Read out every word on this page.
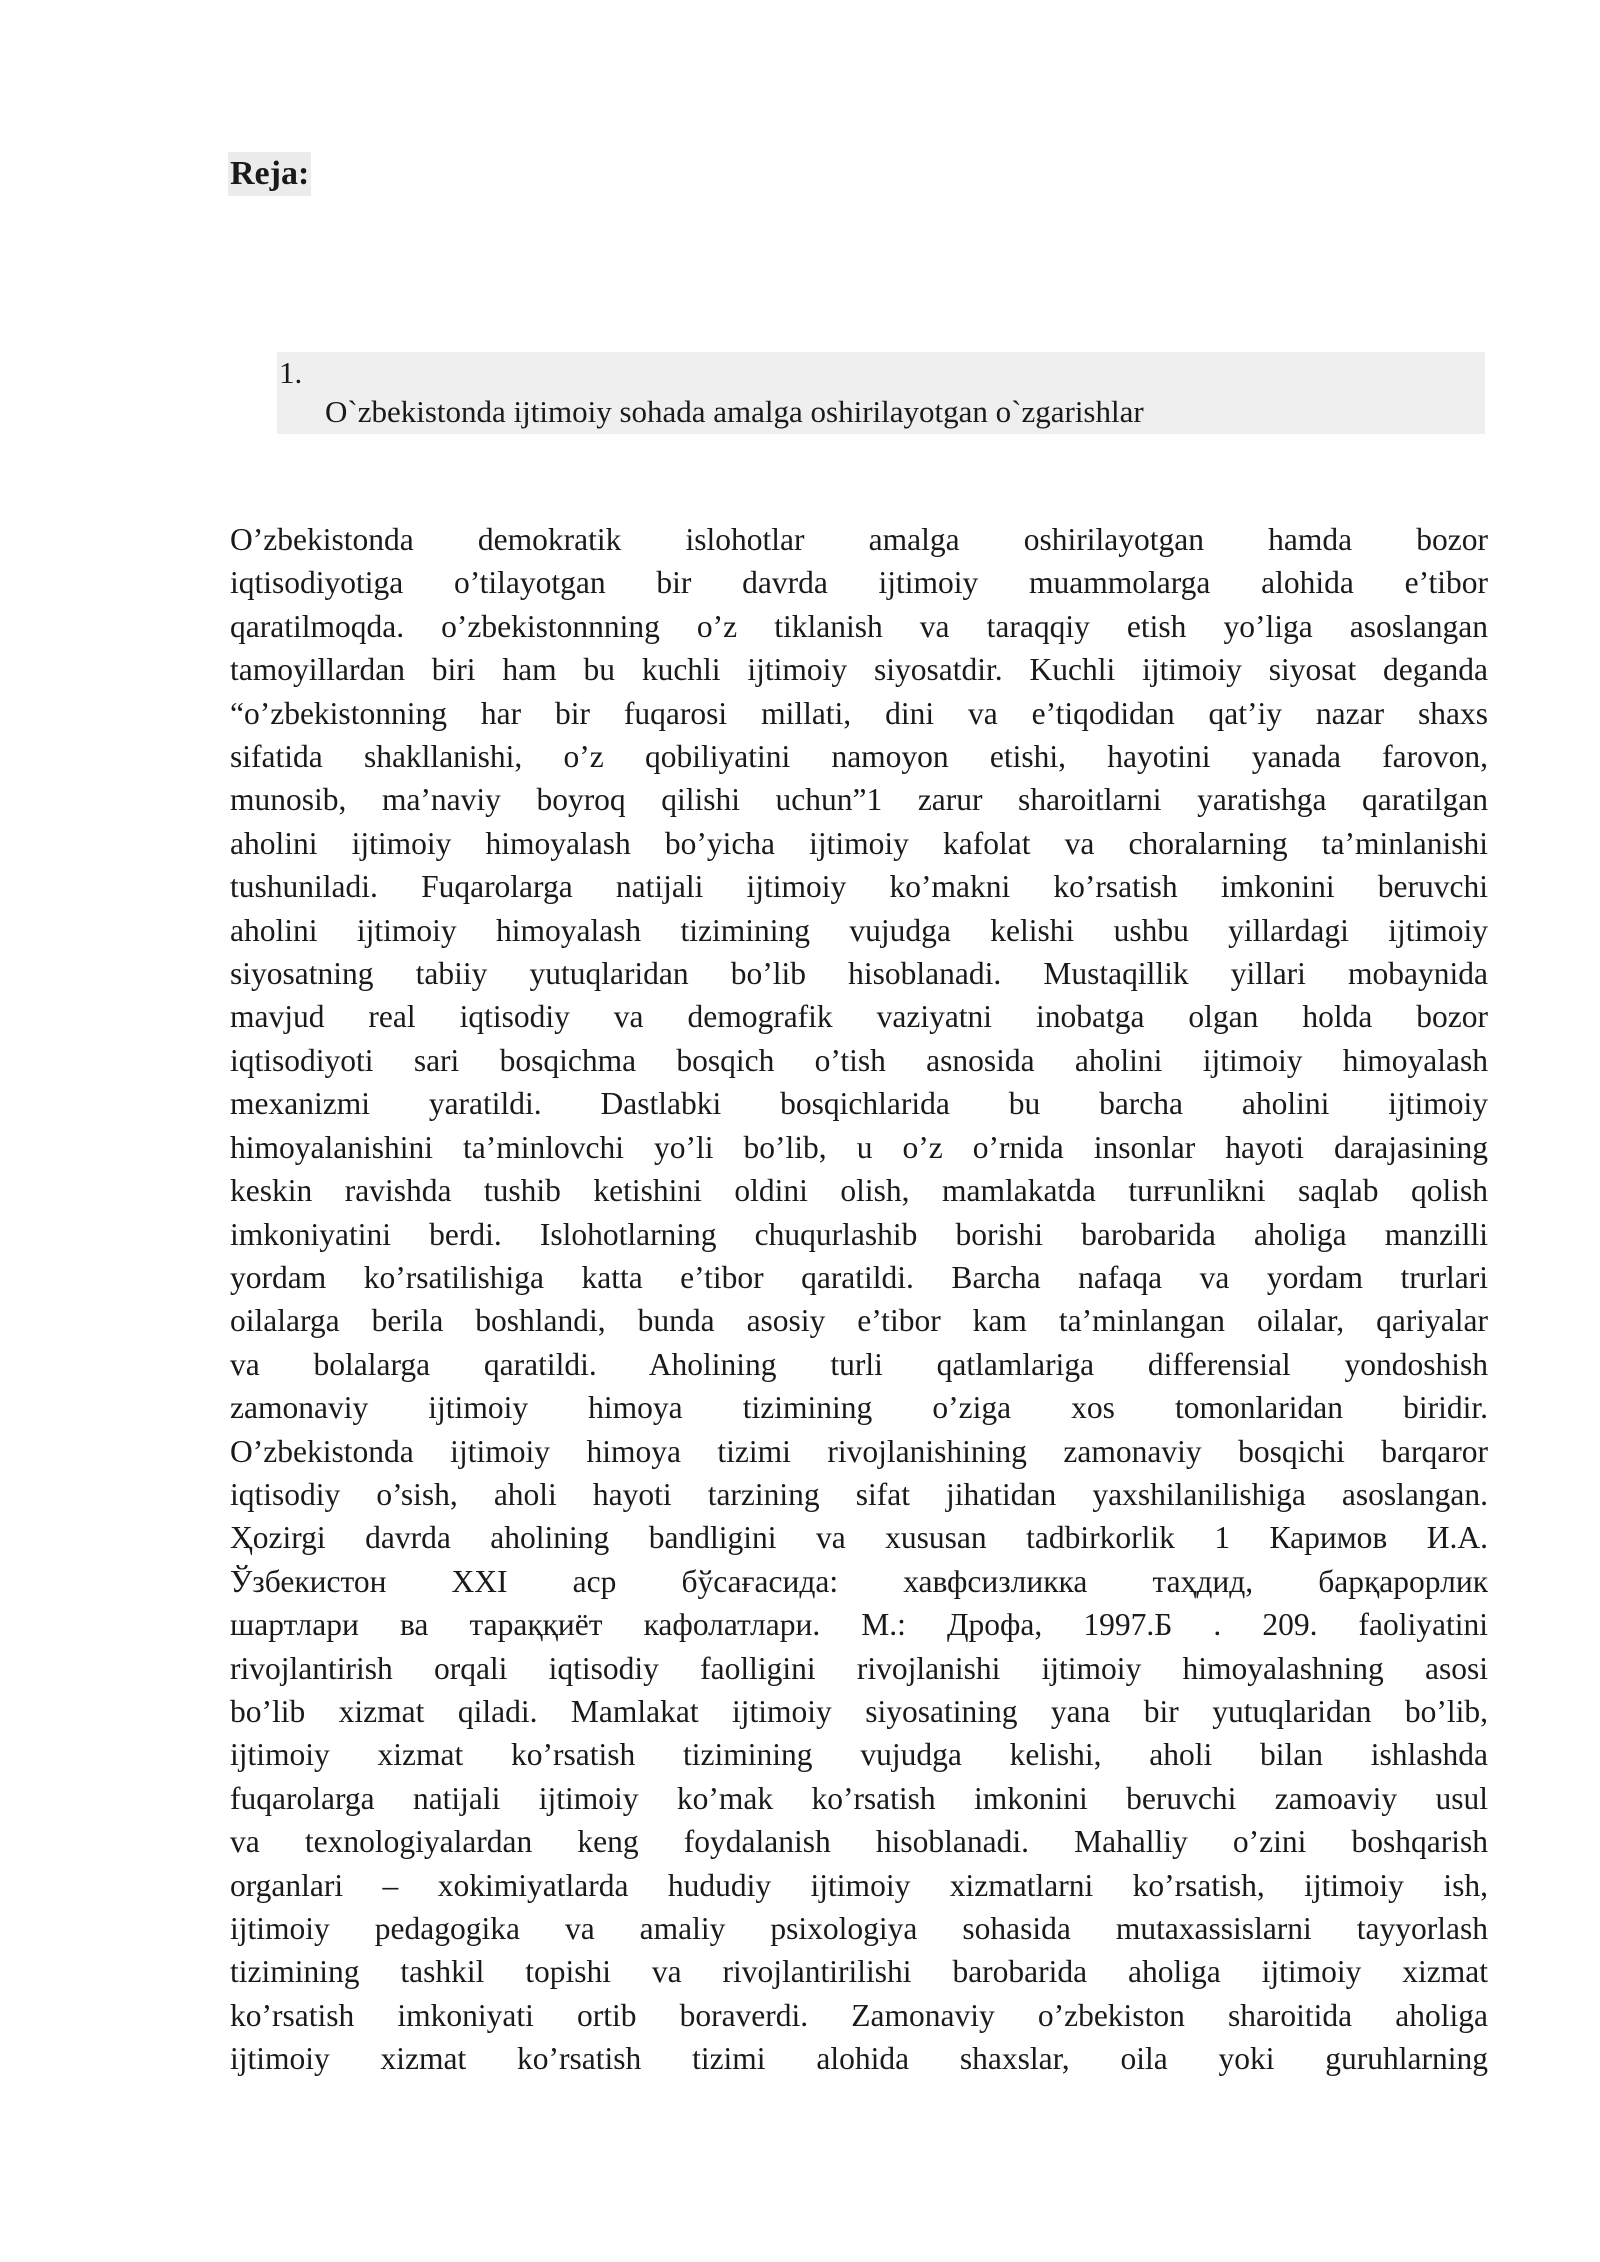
Reja:
1.
O`zbekistonda ijtimoiy sohada amalga oshirilayotgan o`zgarishlar
O’zbekistonda demokratik islohotlar amalga oshirilayotgan hamda bozor
iqtisodiyotiga o’tilayotgan bir davrda ijtimoiy muammolarga alohida e’tibor
qaratilmoqda. o’zbekistonnning o’z tiklanish va taraqqiy etish yo’liga asoslangan
tamoyillardan biri ham bu kuchli ijtimoiy siyosatdir. Kuchli ijtimoiy siyosat deganda
“o’zbekistonning har bir fuqarosi millati, dini va e’tiqodidan qat’iy nazar shaxs
sifatida shakllanishi, o’z qobiliyatini namoyon etishi, hayotini yanada farovon,
munosib, ma’naviy boyroq qilishi uchun”1 zarur sharoitlarni yaratishga qaratilgan
aholini ijtimoiy himoyalash bo’yicha ijtimoiy kafolat va choralarning ta’minlanishi
tushuniladi. Fuqarolarga natijali ijtimoiy ko’makni ko’rsatish imkonini beruvchi
aholini ijtimoiy himoyalash tizimining vujudga kelishi ushbu yillardagi ijtimoiy
siyosatning tabiiy yutuqlaridan bo’lib hisoblanadi. Mustaqillik yillari mobaynida
mavjud real iqtisodiy va demografik vaziyatni inobatga olgan holda bozor
iqtisodiyoti sari bosqichma bosqich o’tish asnosida aholini ijtimoiy himoyalash
mexanizmi yaratildi. Dastlabki bosqichlarida bu barcha aholini ijtimoiy
himoyalanishini ta’minlovchi yo’li bo’lib, u o’z o’rnida insonlar hayoti darajasining
keskin ravishda tushib ketishini oldini olish, mamlakatda turғunlikni saqlab qolish
imkoniyatini berdi. Islohotlarning chuqurlashib borishi barobarida aholiga manzilli
yordam ko’rsatilishiga katta e’tibor qaratildi. Barcha nafaqa va yordam trurlari
oilalarga berila boshlandi, bunda asosiy e’tibor kam ta’minlangan oilalar, qariyalar
va bolalarga qaratildi. Aholining turli qatlamlariga differensial yondoshish
zamonaviy ijtimoiy himoya tizimining o’ziga xos tomonlaridan biridir.
O’zbekistonda ijtimoiy himoya tizimi rivojlanishining zamonaviy bosqichi barqaror
iqtisodiy o’sish, aholi hayoti tarzining sifat jihatidan yaxshilanilishiga asoslangan.
Ҳozirgi davrda aholining bandligini va xususan tadbirkorlik 1 Каримов И.А.
Ўзбекистон XXI аср бўсағасида: хавфсизликка таҳдид, барқарорлик
шартлари ва тараққиёт кафолатлари. М.: Дрофа, 1997.Б . 209. faoliyatini
rivojlantirish orqali iqtisodiy faolligini rivojlanishi ijtimoiy himoyalashning asosi
bo’lib xizmat qiladi. Mamlakat ijtimoiy siyosatining yana bir yutuqlaridan bo’lib,
ijtimoiy xizmat ko’rsatish tizimining vujudga kelishi, aholi bilan ishlashda
fuqarolarga natijali ijtimoiy ko’mak ko’rsatish imkonini beruvchi zamoaviy usul
va texnologiyalardan keng foydalanish hisoblanadi. Mahalliy o’zini boshqarish
organlari – xokimiyatlarda hududiy ijtimoiy xizmatlarni ko’rsatish, ijtimoiy ish,
ijtimoiy pedagogika va amaliy psixologiya sohasida mutaxassislarni tayyorlash
tizimining tashkil topishi va rivojlantirilishi barobarida aholiga ijtimoiy xizmat
ko’rsatish imkoniyati ortib boraverdi. Zamonaviy o’zbekiston sharoitida aholiga
ijtimoiy xizmat ko’rsatish tizimi alohida shaxslar, oila yoki guruhlarning
